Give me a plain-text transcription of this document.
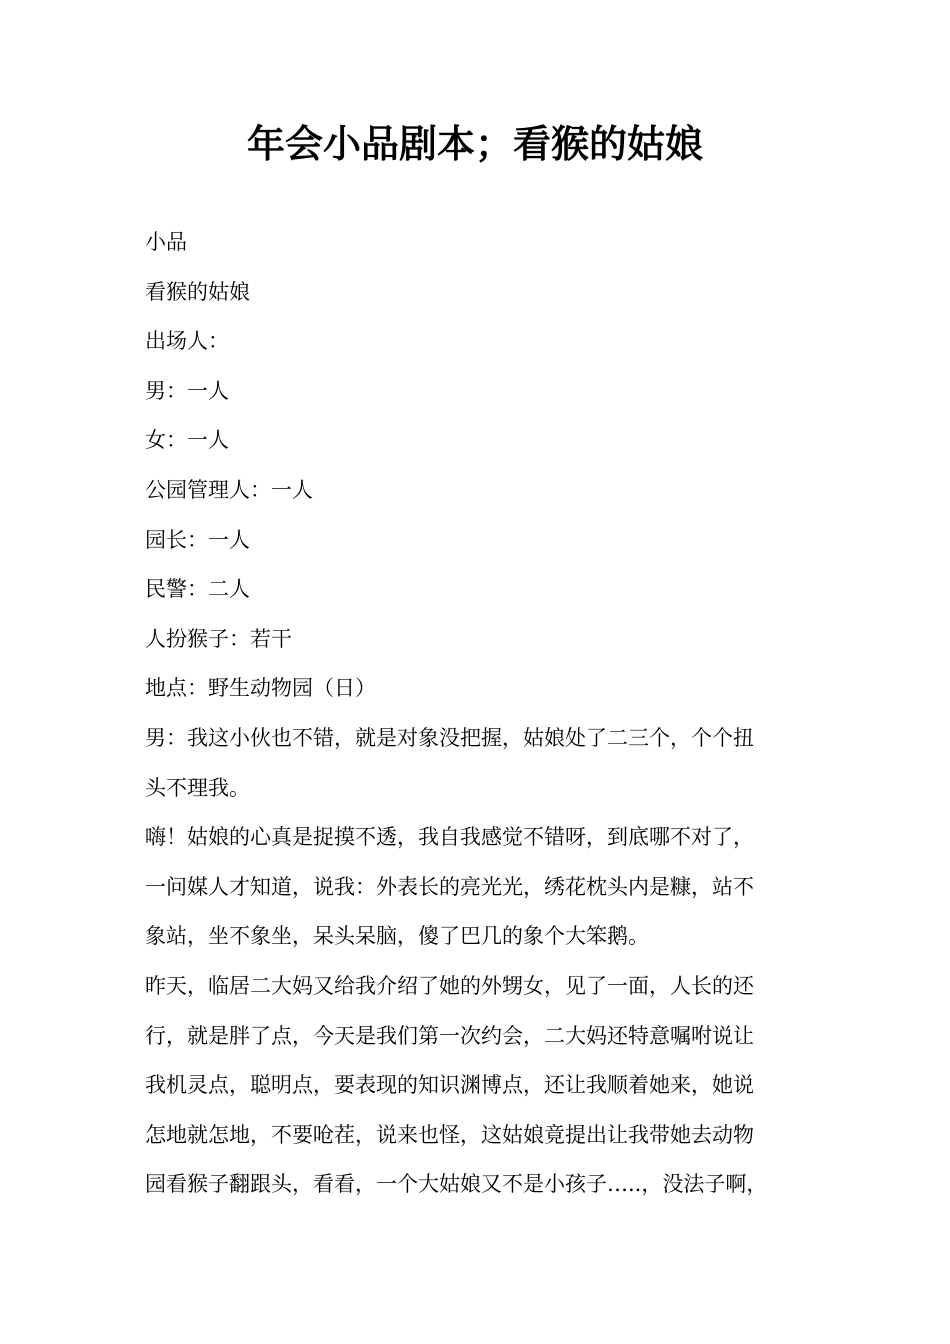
年会小品剧本；看猴的姑娘
小品
看猴的姑娘
出场人：
男：一人
女：一人
公园管理人：一人
园长：一人
民警：二人
人扮猴子：若干
地点：野生动物园（日）
男：我这小伙也不错，就是对象没把握，姑娘处了二三个，个个扭
头不理我。
嗨！姑娘的心真是捉摸不透，我自我感觉不错呀，到底哪不对了，
一问媒人才知道，说我：外表长的亮光光，绣花枕头内是糠，站不
象站，坐不象坐，呆头呆脑，傻了巴几的象个大笨鹅。
昨天，临居二大妈又给我介绍了她的外甥女，见了一面，人长的还
行，就是胖了点，今天是我们第一次约会，二大妈还特意嘱咐说让
我机灵点，聪明点，要表现的知识渊博点，还让我顺着她来，她说
怎地就怎地，不要呛茬，说来也怪，这姑娘竟提出让我带她去动物
园看猴子翻跟头，看看，一个大姑娘又不是小孩子…..，没法子啊，
